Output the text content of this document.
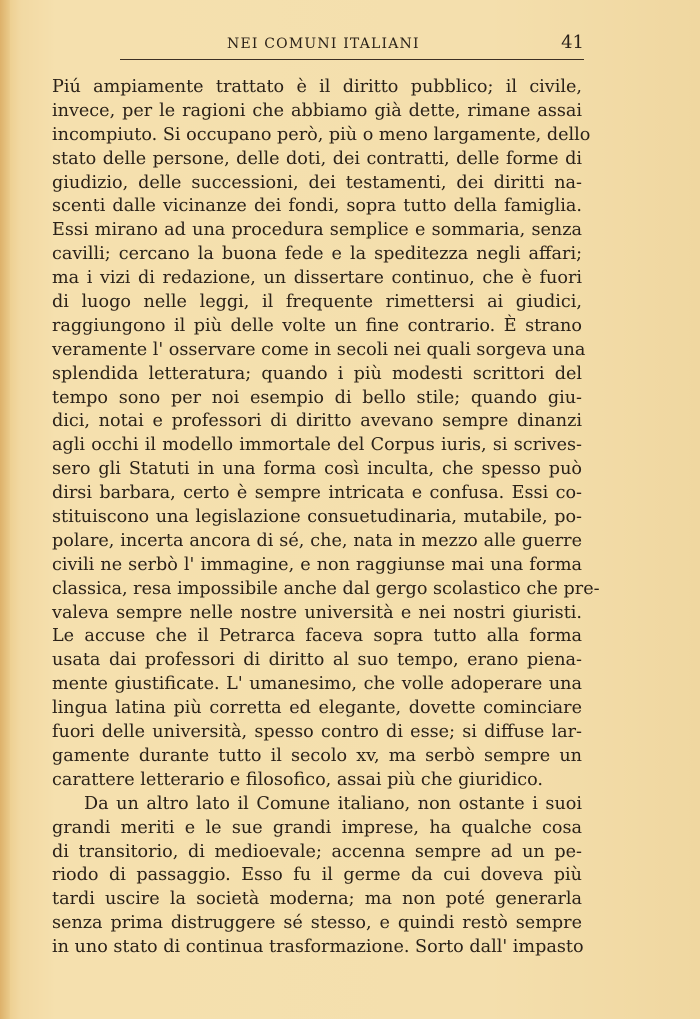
NEI COMUNI ITALIANI	41
Piú ampiamente trattato è il diritto pubblico; il civile,
invece, per le ragioni che abbiamo già dette, rimane assai
incompiuto. Si occupano però, più o meno largamente, dello
stato delle persone, delle doti, dei contratti, delle forme di
giudizio, delle successioni, dei testamenti, dei diritti na-
scenti dalle vicinanze dei fondi, sopra tutto della famiglia.
Essi mirano ad una procedura semplice e sommaria, senza
cavilli; cercano la buona fede e la speditezza negli affari;
ma i vizi di redazione, un dissertare continuo, che è fuori
di luogo nelle leggi, il frequente rimettersi ai giudici,
raggiungono il più delle volte un fine contrario. È strano
veramente l' osservare come in secoli nei quali sorgeva una
splendida letteratura; quando i più modesti scrittori del
tempo sono per noi esempio di bello stile; quando giu-
dici, notai e professori di diritto avevano sempre dinanzi
agli occhi il modello immortale del Corpus iuris, si scrives-
sero gli Statuti in una forma così inculta, che spesso può
dirsi barbara, certo è sempre intricata e confusa. Essi co-
stituiscono una legislazione consuetudinaria, mutabile, po-
polare, incerta ancora di sé, che, nata in mezzo alle guerre
civili ne serbò l' immagine, e non raggiunse mai una forma
classica, resa impossibile anche dal gergo scolastico che pre-
valeva sempre nelle nostre università e nei nostri giuristi.
Le accuse che il Petrarca faceva sopra tutto alla forma
usata dai professori di diritto al suo tempo, erano piena-
mente giustificate. L' umanesimo, che volle adoperare una
lingua latina più corretta ed elegante, dovette cominciare
fuori delle università, spesso contro di esse; si diffuse lar-
gamente durante tutto il secolo xv, ma serbò sempre un
carattere letterario e filosofico, assai più che giuridico.
Da un altro lato il Comune italiano, non ostante i suoi
grandi meriti e le sue grandi imprese, ha qualche cosa
di transitorio, di medioevale; accenna sempre ad un pe-
riodo di passaggio. Esso fu il germe da cui doveva più
tardi uscire la società moderna; ma non poté generarla
senza prima distruggere sé stesso, e quindi restò sempre
in uno stato di continua trasformazione. Sorto dall' impasto
